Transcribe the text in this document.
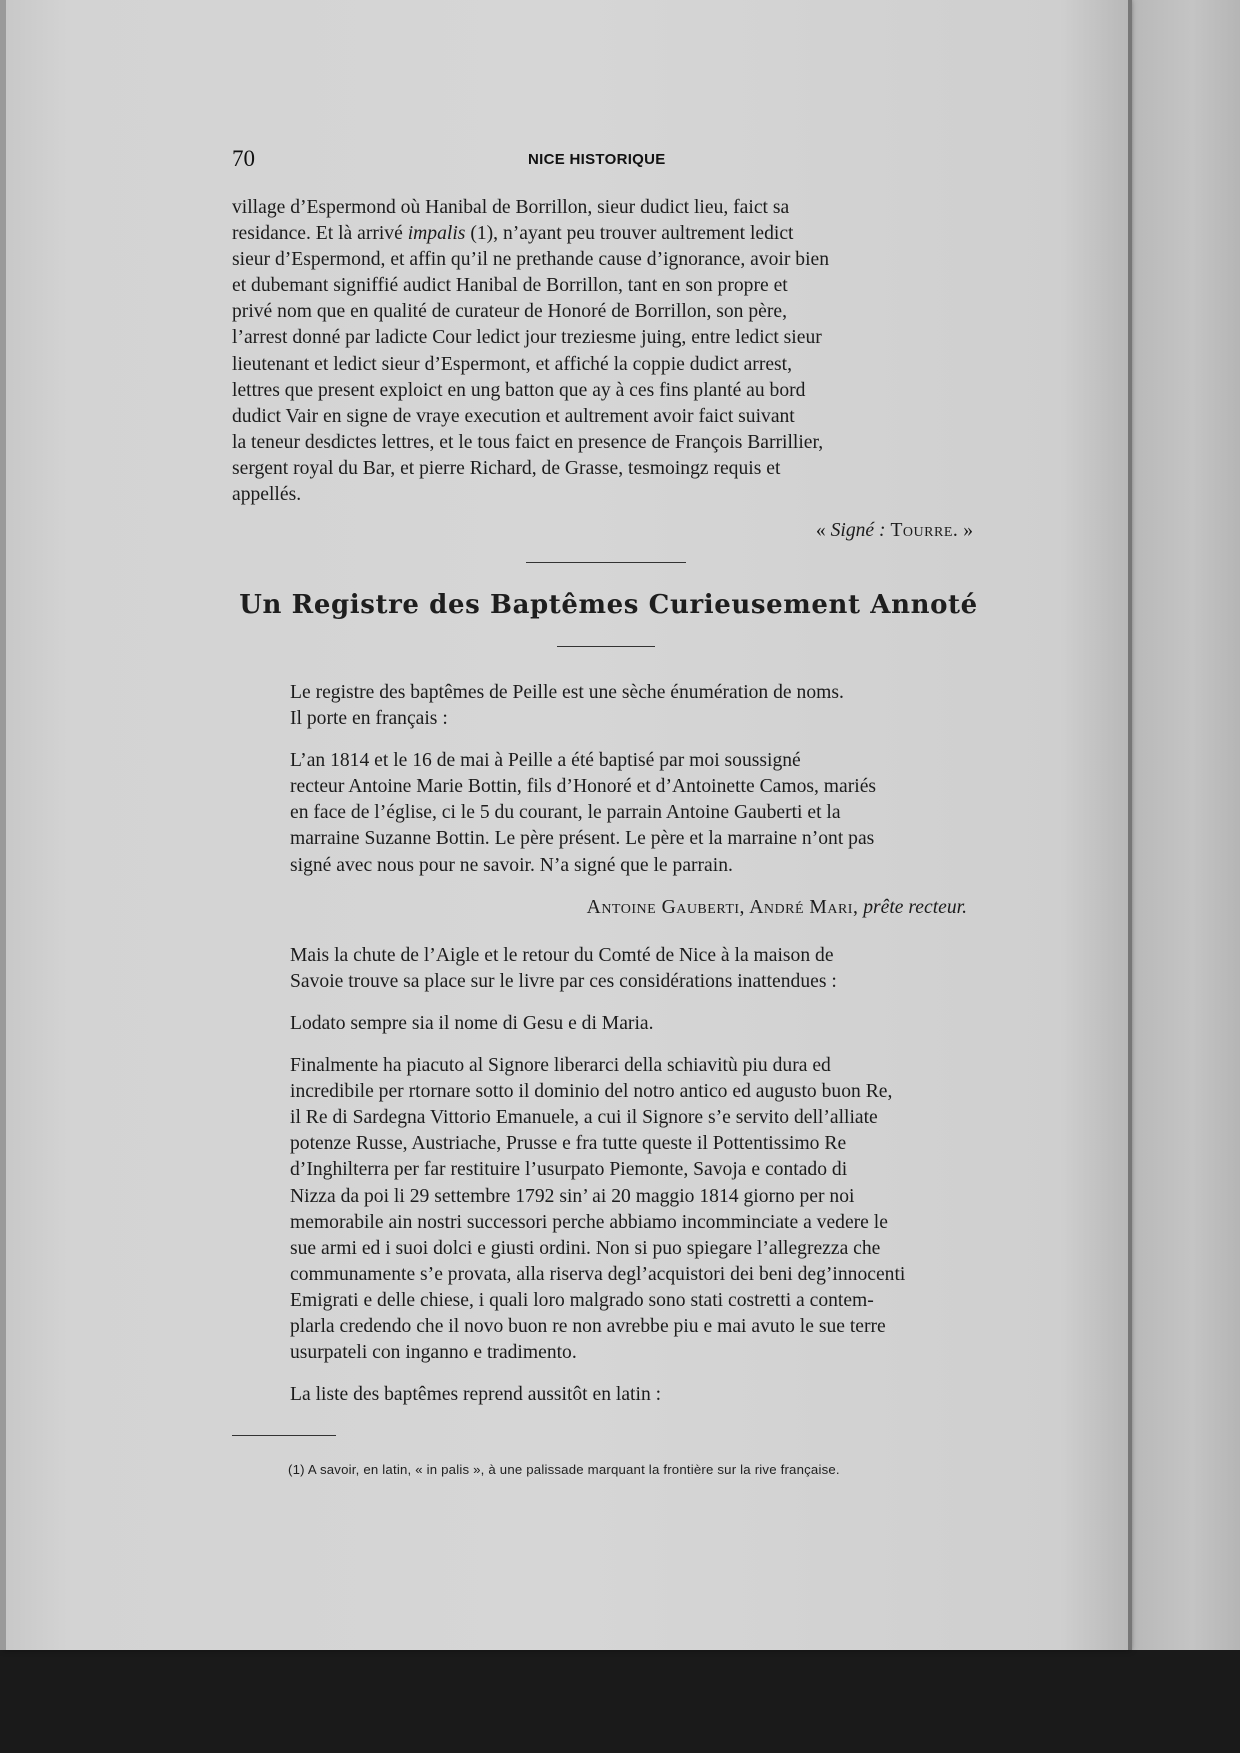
70	NICE HISTORIQUE

village d’Espermond où Hanibal de Borrillon, sieur dudict lieu, faict sa
residance. Et là arrivé impalis (1), n’ayant peu trouver aultrement ledict
sieur d’Espermond, et affin qu’il ne prethande cause d’ignorance, avoir bien
et dubemant signiffié audict Hanibal de Borrillon, tant en son propre et
privé nom que en qualité de curateur de Honoré de Borrillon, son père,
l’arrest donné par ladicte Cour ledict jour treziesme juing, entre ledict sieur
lieutenant et ledict sieur d’Espermont, et affiché la coppie dudict arrest,
lettres que present exploict en ung batton que ay à ces fins planté au bord
dudict Vair en signe de vraye execution et aultrement avoir faict suivant
la teneur desdictes lettres, et le tous faict en presence de François Barrillier,
sergent royal du Bar, et pierre Richard, de Grasse, tesmoingz requis et
appellés.

« Signé : Tourre. »

Un Registre des Baptêmes Curieusement Annoté

Le registre des baptêmes de Peille est une sèche énumération de noms.
Il porte en français :

L’an 1814 et le 16 de mai à Peille a été baptisé par moi soussigné
recteur Antoine Marie Bottin, fils d’Honoré et d’Antoinette Camos, mariés
en face de l’église, ci le 5 du courant, le parrain Antoine Gauberti et la
marraine Suzanne Bottin. Le père présent. Le père et la marraine n’ont pas
signé avec nous pour ne savoir. N’a signé que le parrain.

Antoine Gauberti, André Mari, prête recteur.

Mais la chute de l’Aigle et le retour du Comté de Nice à la maison de
Savoie trouve sa place sur le livre par ces considérations inattendues :

Lodato sempre sia il nome di Gesu e di Maria.

Finalmente ha piacuto al Signore liberarci della schiavitù piu dura ed
incredibile per rtornare sotto il dominio del notro antico ed augusto buon Re,
il Re di Sardegna Vittorio Emanuele, a cui il Signore s’e servito dell’alliate
potenze Russe, Austriache, Prusse e fra tutte queste il Pottentissimo Re
d’Inghilterra per far restituire l’usurpato Piemonte, Savoja e contado di
Nizza da poi li 29 settembre 1792 sin’ ai 20 maggio 1814 giorno per noi
memorabile ain nostri successori perche abbiamo incomminciate a vedere le
sue armi ed i suoi dolci e giusti ordini. Non si puo spiegare l’allegrezza che
communamente s’e provata, alla riserva degl’acquistori dei beni deg’innocenti
Emigrati e delle chiese, i quali loro malgrado sono stati costretti a contem-
plarla credendo che il novo buon re non avrebbe piu e mai avuto le sue terre
usurpateli con inganno e tradimento.

La liste des baptêmes reprend aussitôt en latin :

(1) A savoir, en latin, « in palis », à une palissade marquant la frontière sur la rive française.
